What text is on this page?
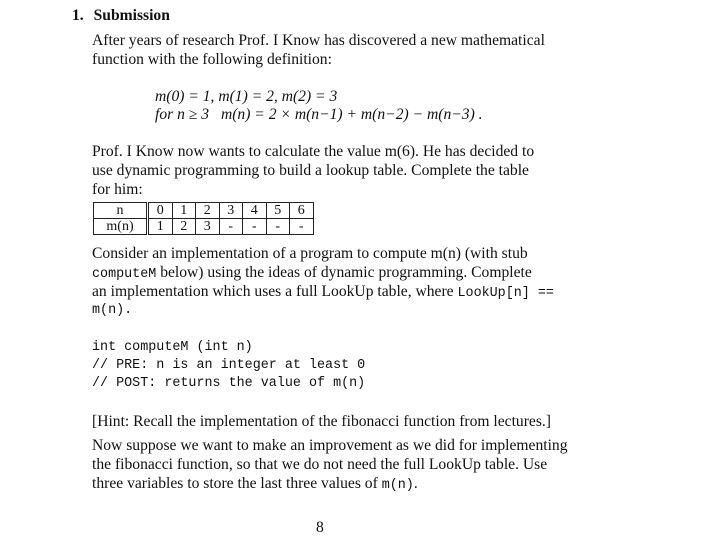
1. Submission
After years of research Prof. I Know has discovered a new mathematical
function with the following definition:
m(0) = 1, m(1) = 2, m(2) = 3
for n ≥ 3 m(n) = 2 × m(n−1) + m(n−2) − m(n−3) .
Prof. I Know now wants to calculate the value m(6). He has decided to
use dynamic programming to build a lookup table. Complete the table
for him:
n	0	1	2	3	4	5	6
m(n)	1	2	3	-	-	-	-
Consider an implementation of a program to compute m(n) (with stub
computeM below) using the ideas of dynamic programming. Complete
an implementation which uses a full LookUp table, where LookUp[n] ==
m(n).
int computeM (int n)
// PRE: n is an integer at least 0
// POST: returns the value of m(n)
[Hint: Recall the implementation of the fibonacci function from lectures.]
Now suppose we want to make an improvement as we did for implementing
the fibonacci function, so that we do not need the full LookUp table. Use
three variables to store the last three values of m(n).
8
